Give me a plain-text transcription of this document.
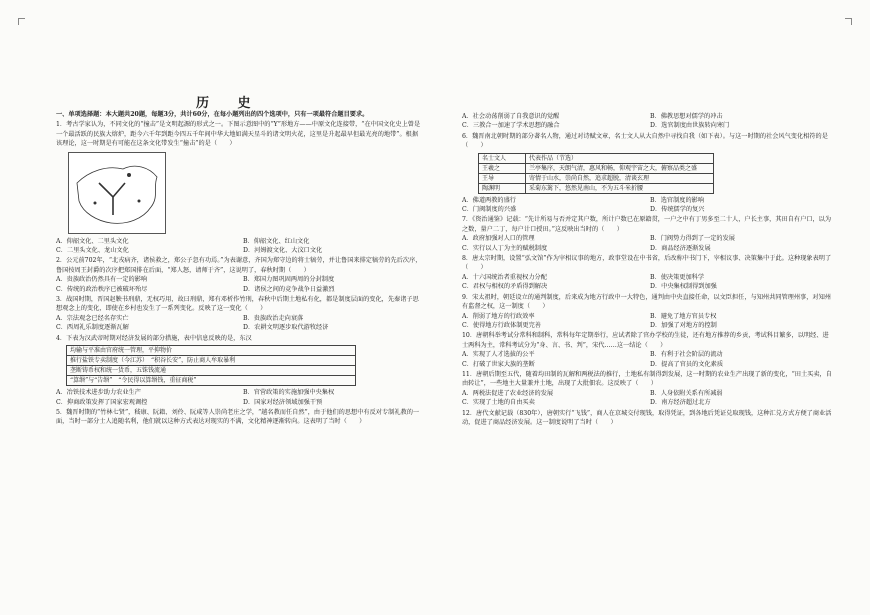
历 史

一、单项选择题：本大题共20题，每题3分，共计60分，在每小题列出的四个选项中，只有一项最符合题目要求。

1．考古学家认为，不同文化的“撞击”是文明起源的形式之一。下图示意图中的“Y”形地方——中原文化连接带，“在中国文化史上曾是一个最活跃的民族大熔炉，距今六千年到距今四五千年间中华大地如满天星斗的诸文明火花，这里是升起最早但最光亮的地带”。根据该理论，这一时期是有可能在这条文化带发生“撞击”的是（　　）

A．仰韶文化、二里头文化	B．仰韶文化、红山文化
C．二里头文化、龙山文化	D．河姆渡文化、大汶口文化

2．公元前702年，“北戎病齐，诸侯救之，郑公子忽有功焉。”为表谢意，齐国为郑守边的将士犒劳，并让鲁国来排定犒劳的先后次序，鲁国按周王封爵的次序把郑国排在后面，“郑人怒，请师于齐”，这说明了，春秋时期（　　）

A．贵族政治仍然具有一定的影响	B．郑国力图巩固两周的分封制度
C．传统的政治秩序已被破坏殆尽	D．诸侯之间的竞争战争日益激烈

3．战国时期，晋国赵鞅书刑鼎，无权巧用，故曰刑鼎，郑有邓析作竹刑，春秋中后期土地私有化，都是制度层面的变化，先秦诸子思想观念上的变化，即使在乡村也发生了一系列变化。反映了这一变化（　　）

A．宗法观念已经名存实亡	B．贵族政治走向衰落
C．西周礼乐制度逐渐瓦解	D．农耕文明逐步取代游牧经济

4．下表为汉武帝时期对经济发展的部分措施，表中信息反映的是，东汉

均输与平准由官府统一管理，平抑物价
推行盐铁专卖制度（今江苏）　“积谷长安”，防止商人牟取暴利
垄断铸币权和统一货币，五铢钱流通
“算缗”与“告缗”　“令民得以算缗钱，重征商税”
A．冶铁技术进步助力农业生产	B．官营政策的实施加强中央集权
C．抑商政策发挥了国家宏观调控	D．国家对经济领域加强干预

5．魏晋时期的“竹林七贤”，嵇康、阮籍、刘伶、阮咸等人崇尚老庄之学，“越名教而任自然”，由于他们的思想中有反对专制礼教的一面，当时一部分士人追随名利，他们就以这种方式表达对现实的不满，文化精神逐渐转向。这表明了当时（　　）

A．社会动荡削弱了自我意识的觉醒	B．佛教思想对儒学的冲击
C．三教合一加速了学术思想的融合	D．选官制度由世族转向寒门

6．魏晋南北朝时期的部分著名人物，通过对诗赋文章，名士文人从大自然中寻找自我（如下表）。与这一时期的社会风气变化相符的是（　　）

名士文人	代表作品（节选）
王羲之	兰亭集序，天朗气清，惠风和畅，仰观宇宙之大，俯察品类之盛
王导	寄情于山水，崇尚自然，追求超脱，清谈玄理
陶渊明	采菊东篱下，悠然见南山，不为五斗米折腰
A．佛道两教的盛行	B．选官制度的影响
C．门阀制度的兴盛	D．传统儒学的复兴

7．《资治通鉴》记载：“先计所易与否并定其户数，所计户数已在原籍贯，一户之中有丁男多至二十人，户长主事，其田自有户口，以为之数，量户二丁，每户计口授田。”这反映出当时的（　　）

A．政府加强对人口的管理	B．门阀势力得到了一定的发展
C．实行以人丁为主的赋税制度	D．商品经济逐渐发展

8．唐太宗时期，设置“弘文馆”作为宰相议事的地方，政事堂设在中书省，后改称中书门下，宰相议事、决策集中于此。这种现象表明了（　　）

A．十六国统治者重视权力分配	B．使决策更加科学
C．君权与相权的矛盾得到解决	D．中央集权制得到加强

9．宋太祖时，朝廷设立的通判制度，后来成为地方行政中一大特色，通判由中央直接任命，以文臣担任，与知州共同管理州事，对知州有监督之权，这一制度（　　）

A．削弱了地方的行政效率	B．避免了地方官员专权
C．使得地方行政体制更完善	D．加强了对地方的控制

10．唐朝科举考试分常科和制科，常科每年定期举行，应试者除了官办学校的生徒，还有地方推荐的乡贡，考试科目繁多，以明经、进士两科为主，常科考试分为“身、言、书、判”，宋代……这一结论（　　）

A．实现了人才选拔的公平	B．有利于社会阶层的流动
C．打破了世家大族的垄断	D．提高了官员的文化素质

11．唐朝后期至五代，随着均田制的瓦解和两税法的推行，土地私有制得到发展，这一时期的农业生产出现了新的变化，“田土买卖，自由转让”，一些地主大量兼并土地，出现了大批佃农。这反映了（　　）

A．两税法促进了农业经济的发展	B．人身依附关系有所减弱
C．实现了土地的自由买卖	D．南方经济超过北方

12．唐代文献记载（830年），唐朝实行“飞钱”，商人在京城交付现钱，取得凭证，到各地后凭证兑取现钱，这种汇兑方式方便了商业活动，促进了商品经济发展。这一制度说明了当时（　　）
